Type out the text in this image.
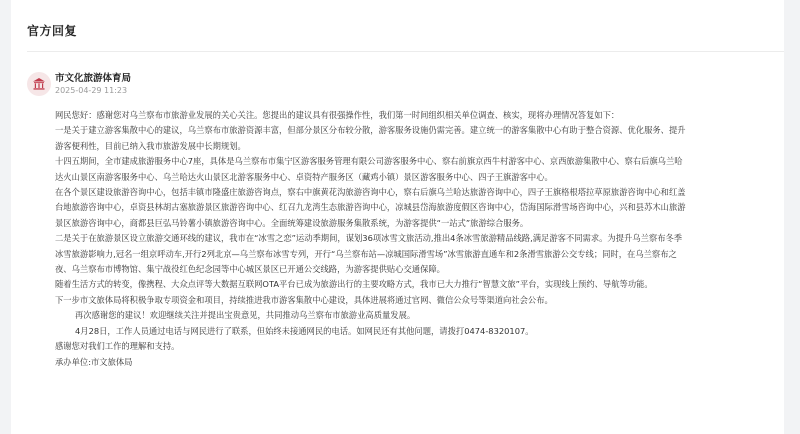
官方回复
市文化旅游体育局
2025-04-29 11:23

网民您好：感谢您对乌兰察布市旅游业发展的关心关注。您提出的建议具有很强操作性，我们第一时间组织相关单位调查、核实，现将办理情况答复如下：

一是关于建立游客集散中心的建议，乌兰察布市旅游资源丰富，但部分景区分布较分散，游客服务设施仍需完善。建立统一的游客集散中心有助于整合资源、优化服务、提升

游客便利性，目前已纳入我市旅游发展中长期规划。

十四五期间，全市建成旅游服务中心7座，具体是乌兰察布市集宁区游客服务管理有限公司游客服务中心、察右前旗京西牛村游客中心、京西旅游集散中心、察右后旗乌兰哈

达火山景区南游客服务中心、乌兰哈达火山景区北游客服务中心、卓资特产服务区（藏鸡小镇）景区游客服务中心、四子王旗游客中心。

在各个景区建设旅游咨询中心，包括丰镇市隆盛庄旅游咨询点，察右中旗黄花沟旅游咨询中心，察右后旗乌兰哈达旅游咨询中心，四子王旗格根塔拉草原旅游咨询中心和红盖

台地旅游咨询中心，卓资县林胡古塞旅游景区旅游咨询中心、红召九龙湾生态旅游咨询中心，凉城县岱海旅游度假区咨询中心，岱海国际滑雪场咨询中心，兴和县苏木山旅游

景区旅游咨询中心，商都县巨弘马铃薯小镇旅游咨询中心。全面统筹建设旅游服务集散系统，为游客提供“一站式”旅游综合服务。

二是关于在旅游景区设立旅游交通环线的建议，我市在“冰雪之恋”运动季期间，谋划36项冰雪文旅活动,推出4条冰雪旅游精品线路,满足游客不同需求。为提升乌兰察布冬季

冰雪旅游影响力,冠名一组京呼动车,开行2列北京—乌兰察布冰雪专列，开行“乌兰察布站—凉城国际滑雪场”冰雪旅游直通车和2条滑雪旅游公交专线；同时，在乌兰察布之

夜、乌兰察布市博物馆、集宁战役红色纪念园等中心城区景区已开通公交线路，为游客提供贴心交通保障。

随着生活方式的转变，像携程、大众点评等大数据互联网OTA平台已成为旅游出行的主要攻略方式，我市已大力推行“智慧文旅”平台，实现线上预约、导航等功能。

下一步市文旅体局将积极争取专项资金和项目，持续推进我市游客集散中心建设，具体进展将通过官网、微信公众号等渠道向社会公布。

再次感谢您的建议！欢迎继续关注并提出宝贵意见，共同推动乌兰察布市旅游业高质量发展。

4月28日，工作人员通过电话与网民进行了联系，但始终未接通网民的电话。如网民还有其他问题，请拨打0474-8320107。

感谢您对我们工作的理解和支持。

承办单位:市文旅体局
